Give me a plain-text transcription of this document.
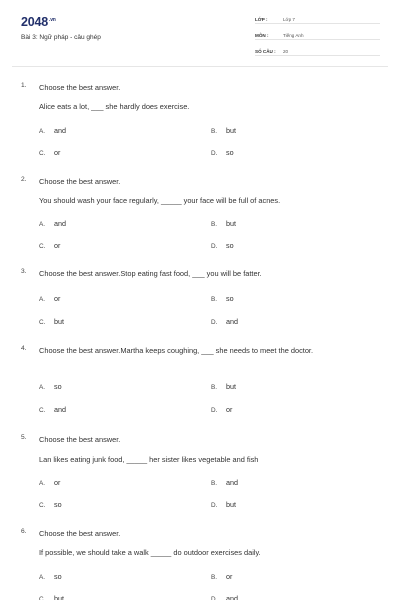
$2048^{.vn}$
Bài 3: Ngữ pháp - câu ghép
LỚP :	Lớp 7
MÔN :	Tiếng Anh
SỐ CÂU : 20
1. Choose the best answer.
Alice eats a lot, ___ she hardly does exercise.
A. and	B. but
C. or	D. so
2. Choose the best answer.
You should wash your face regularly, _____ your face will be full of acnes.
A. and	B. but
C. or	D. so
3. Choose the best answer.Stop eating fast food, ___ you will be fatter.
A. or	B. so
C. but	D. and
4. Choose the best answer.Martha keeps coughing, ___ she needs to meet the doctor.
A. so	B. but
C. and	D. or
5. Choose the best answer.
Lan likes eating junk food, _____ her sister likes vegetable and fish
A. or	B. and
C. so	D. but
6. Choose the best answer.
If possible, we should take a walk _____ do outdoor exercises daily.
A. so	B. or
C. but	D. and
